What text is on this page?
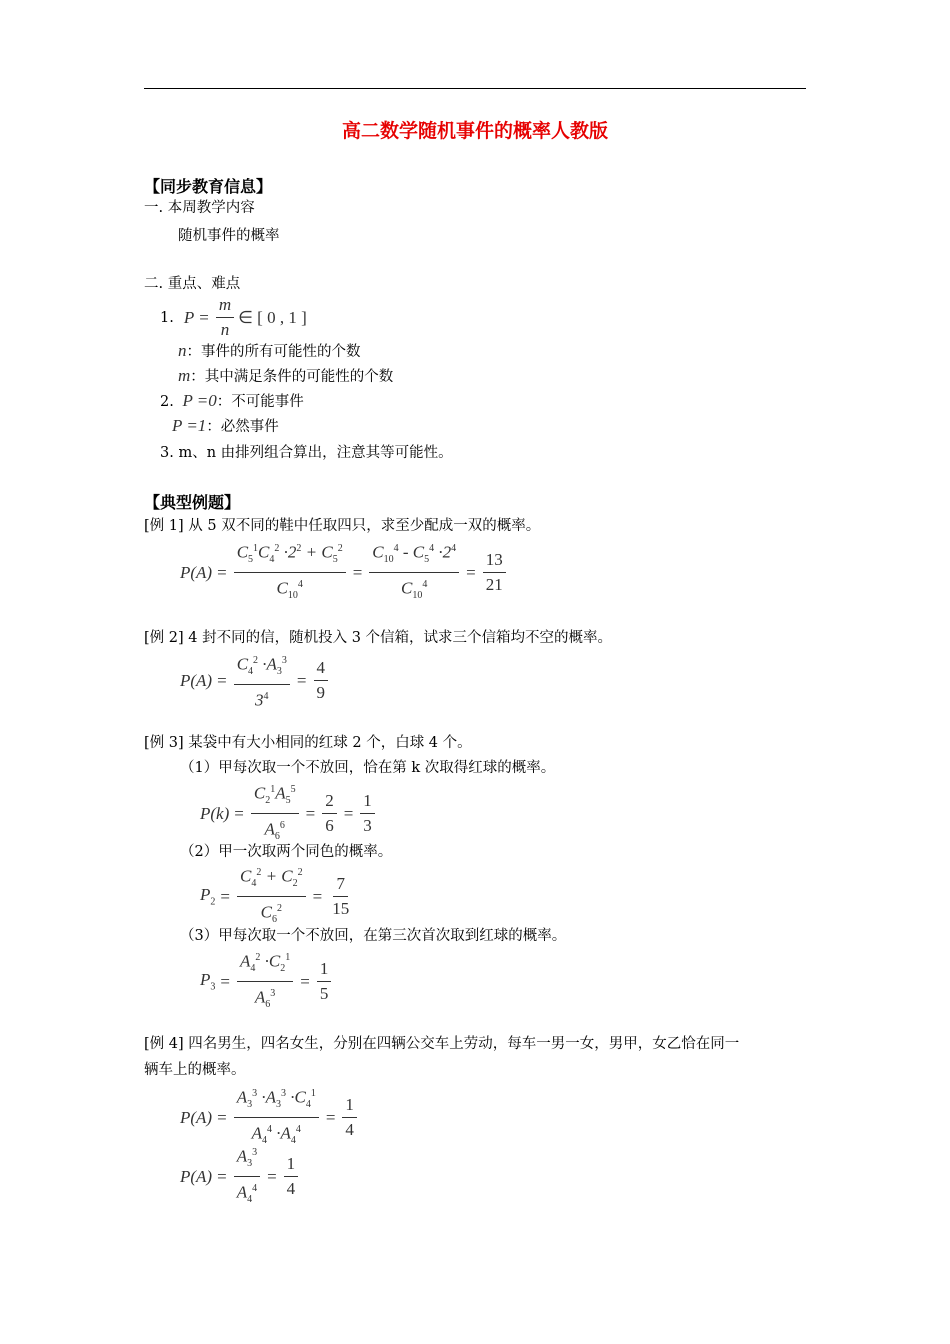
高二数学随机事件的概率人教版
【同步教育信息】
一. 本周教学内容
随机事件的概率
二. 重点、难点
1. $P = \frac{m}{n}$ ∈ [ 0 , 1 ]
n：事件的所有可能性的个数
m：其中满足条件的可能性的个数
2. P =0：不可能事件
P =1：必然事件
3. m、n 由排列组合算出，注意其等可能性。
【典型例题】
[例 1] 从 5 双不同的鞋中任取四只，求至少配成一双的概率。
$P(A) = \frac{C_5^1C_4^2 \cdot 2^2 + C_5^2}{C_{10}^4} = \frac{C_{10}^4 - C_5^4 \cdot 2^4}{C_{10}^4} = \frac{13}{21}$
[例 2] 4 封不同的信，随机投入 3 个信箱，试求三个信箱均不空的概率。
$P(A) = \frac{C_4^2 \cdot A_3^3}{3^4} = \frac{4}{9}$
[例 3] 某袋中有大小相同的红球 2 个，白球 4 个。
（1）甲每次取一个不放回，恰在第 k 次取得红球的概率。
$P(k) = \frac{C_2^1A_5^5}{A_6^6} = \frac{2}{6} = \frac{1}{3}$
（2）甲一次取两个同色的概率。
$P_2 = \frac{C_4^2 + C_2^2}{C_6^2} = \frac{7}{15}$
（3）甲每次取一个不放回，在第三次首次取到红球的概率。
$P_3 = \frac{A_4^2 \cdot C_2^1}{A_6^3} = \frac{1}{5}$
[例 4] 四名男生，四名女生，分别在四辆公交车上劳动，每车一男一女，男甲，女乙恰在同一
辆车上的概率。
$P(A) = \frac{A_3^3 \cdot A_3^3 \cdot C_4^1}{A_4^4 \cdot A_4^4} = \frac{1}{4}$
$P(A) = \frac{A_3^3}{A_4^4} = \frac{1}{4}$
